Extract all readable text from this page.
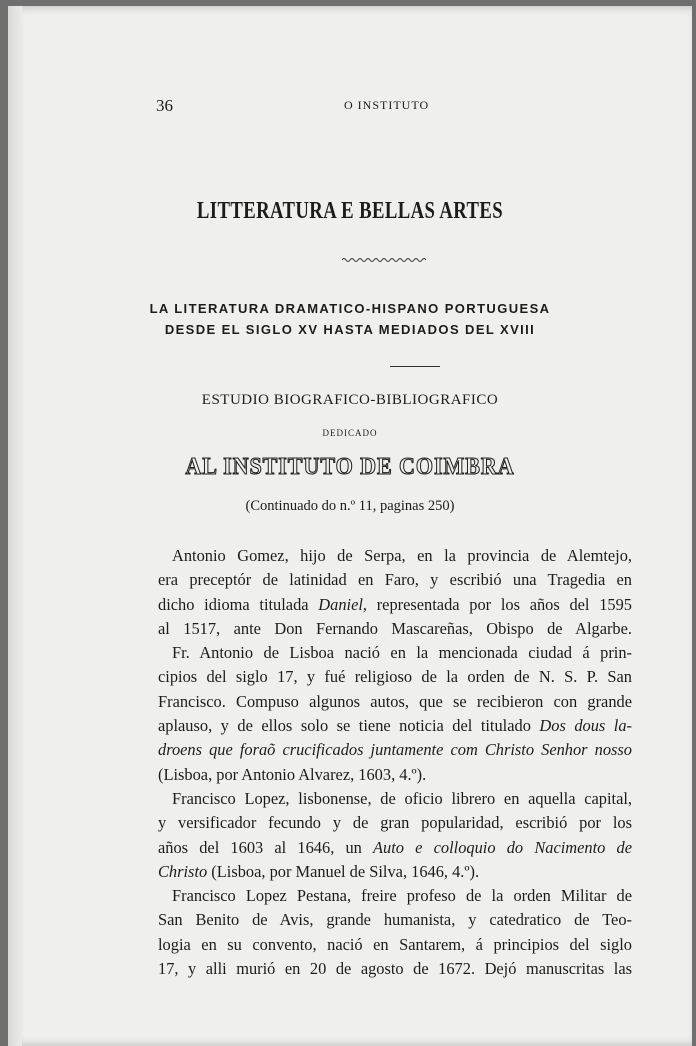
36	O INSTITUTO
LITTERATURA E BELLAS ARTES
LA LITERATURA DRAMATICO-HISPANO PORTUGUESA
DESDE EL SIGLO XV HASTA MEDIADOS DEL XVIII
ESTUDIO BIOGRAFICO-BIBLIOGRAFICO
DEDICADO
AL INSTITUTO DE COIMBRA
(Continuado do n.º 11, paginas 250)
Antonio Gomez, hijo de Serpa, en la provincia de Alemtejo,
era preceptór de latinidad en Faro, y escribió una Tragedia en
dicho idioma titulada Daniel, representada por los años del 1595
al 1517, ante Don Fernando Mascareñas, Obispo de Algarbe.
Fr. Antonio de Lisboa nació en la mencionada ciudad á prin-
cipios del siglo 17, y fué religioso de la orden de N. S. P. San
Francisco. Compuso algunos autos, que se recibieron con grande
aplauso, y de ellos solo se tiene noticia del titulado Dos dous la-
droens que foraõ crucificados juntamente com Christo Senhor nosso
(Lisboa, por Antonio Alvarez, 1603, 4.º).
Francisco Lopez, lisbonense, de oficio librero en aquella capital,
y versificador fecundo y de gran popularidad, escribió por los
años del 1603 al 1646, un Auto e colloquio do Nacimento de
Christo (Lisboa, por Manuel de Silva, 1646, 4.º).
Francisco Lopez Pestana, freire profeso de la orden Militar de
San Benito de Avis, grande humanista, y catedratico de Teo-
logia en su convento, nació en Santarem, á principios del siglo
17, y alli murió en 20 de agosto de 1672. Dejó manuscritas las
